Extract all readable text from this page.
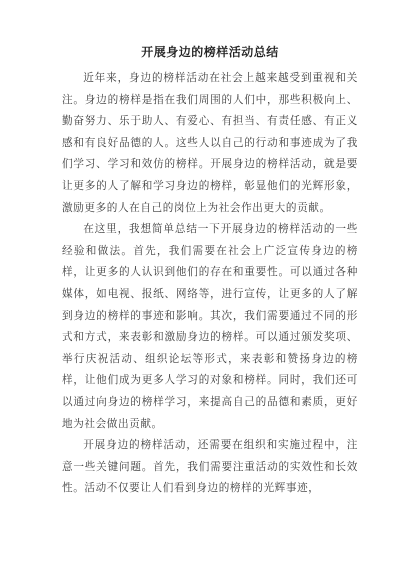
开展身边的榜样活动总结

近年来，身边的榜样活动在社会上越来越受到重视和关注。身边的榜样是指在我们周围的人们中，那些积极向上、勤奋努力、乐于助人、有爱心、有担当、有责任感、有正义感和有良好品德的人。这些人以自己的行动和事迹成为了我们学习、学习和效仿的榜样。开展身边的榜样活动，就是要让更多的人了解和学习身边的榜样，彰显他们的光辉形象，激励更多的人在自己的岗位上为社会作出更大的贡献。

在这里，我想简单总结一下开展身边的榜样活动的一些经验和做法。首先，我们需要在社会上广泛宣传身边的榜样，让更多的人认识到他们的存在和重要性。可以通过各种媒体，如电视、报纸、网络等，进行宣传，让更多的人了解到身边的榜样的事迹和影响。其次，我们需要通过不同的形式和方式，来表彰和激励身边的榜样。可以通过颁发奖项、举行庆祝活动、组织论坛等形式，来表彰和赞扬身边的榜样，让他们成为更多人学习的对象和榜样。同时，我们还可以通过向身边的榜样学习，来提高自己的品德和素质，更好地为社会做出贡献。

开展身边的榜样活动，还需要在组织和实施过程中，注意一些关键问题。首先，我们需要注重活动的实效性和长效性。活动不仅要让人们看到身边的榜样的光辉事迹，
